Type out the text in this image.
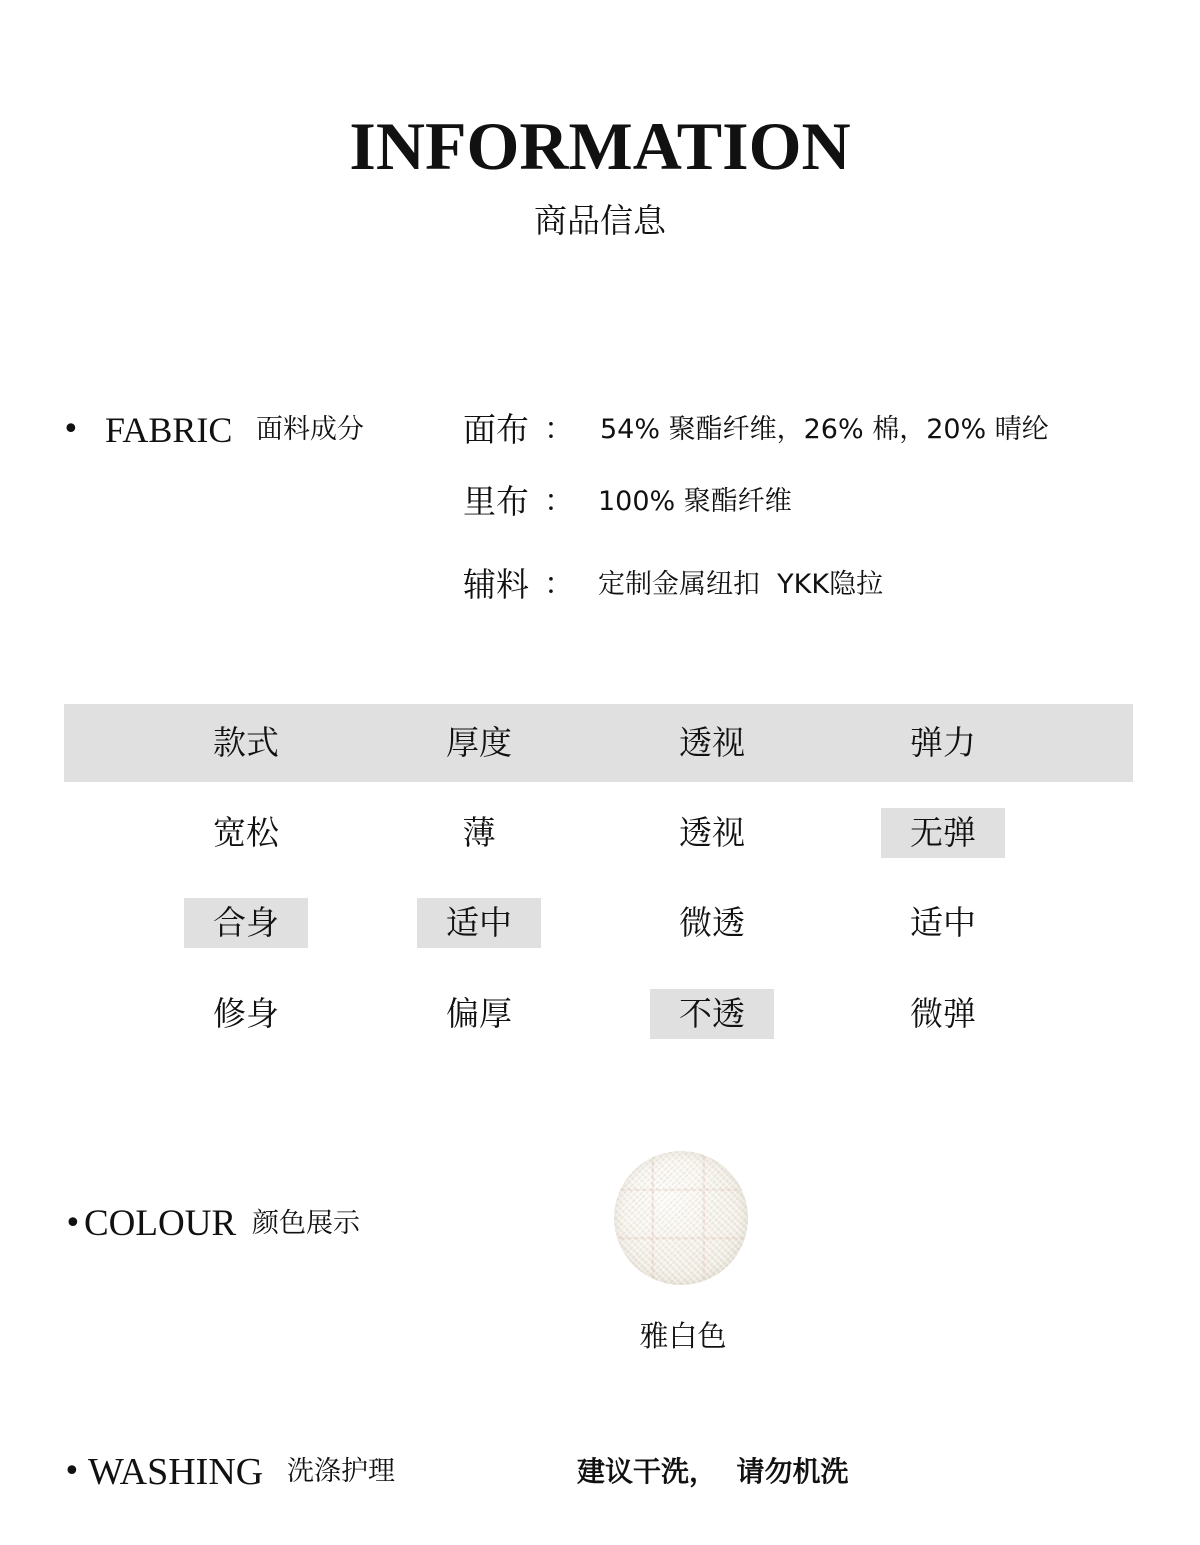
INFORMATION
商品信息
• FABRIC 面料成分	面布 ： 54% 聚酯纤维，26% 棉，20% 晴纶
里布 ： 100% 聚酯纤维
辅料 ： 定制金属纽扣  YKK隐拉
款式
宽松
合身
修身
厚度
薄
适中
偏厚
透视
透视
微透
不透
弹力
无弹
适中
微弹
• COLOUR 颜色展示
雅白色
• WASHING 洗涤护理	建议干洗，  请勿机洗
